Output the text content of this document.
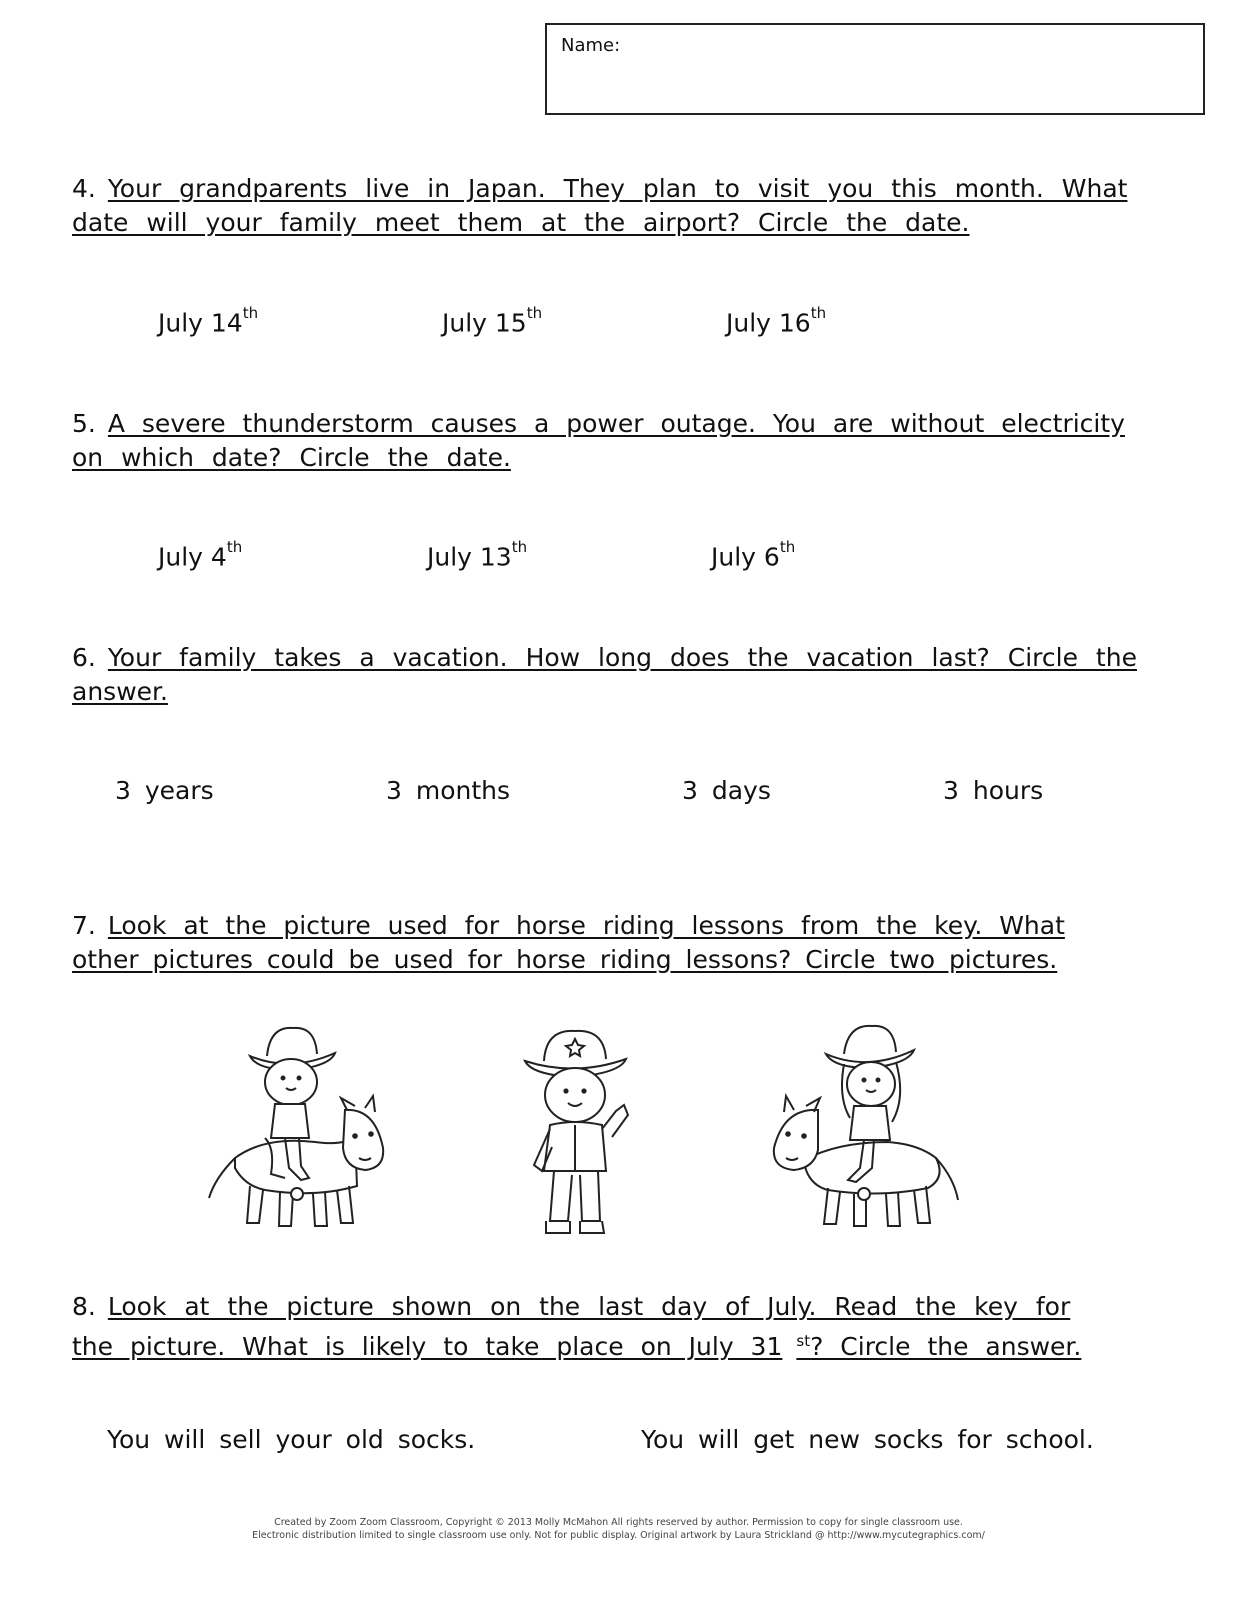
Name:
4. Your grandparents live in Japan. They plan to visit you this month. What
date will your family meet them at the airport? Circle the date.
July 14th	July 15th	July 16th
5. A severe thunderstorm causes a power outage. You are without electricity
on which date? Circle the date.
July 4th	July 13th	July 6th
6. Your family takes a vacation. How long does the vacation last? Circle the
answer.
3 years	3 months	3 days	3 hours
7. Look at the picture used for horse riding lessons from the key. What
other pictures could be used for horse riding lessons? Circle two pictures.
8. Look at the picture shown on the last day of July. Read the key for
the picture. What is likely to take place on July 31 $^{st}$? Circle the answer.
You will sell your old socks.	You will get new socks for school.
Created by Zoom Zoom Classroom, Copyright © 2013 Molly McMahon All rights reserved by author. Permission to copy for single classroom use.
Electronic distribution limited to single classroom use only. Not for public display. Original artwork by Laura Strickland @ http://www.mycutegraphics.com/
